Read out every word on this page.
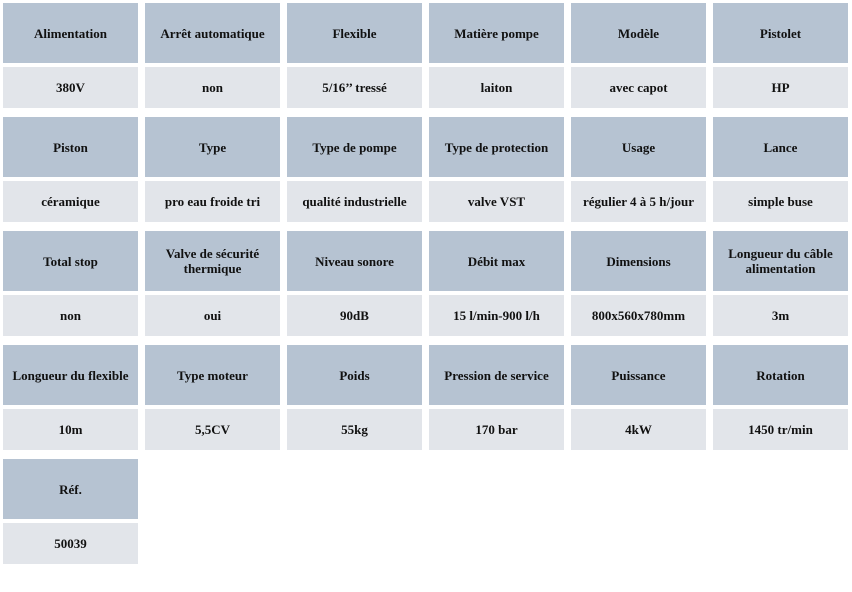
Alimentation
380V
Arrêt automatique
non
Flexible
5/16’’ tressé
Matière pompe
laiton
Modèle
avec capot
Pistolet
HP
Piston
céramique
Type
pro eau froide tri
Type de pompe
qualité industrielle
Type de protection
valve VST
Usage
régulier 4 à 5 h/jour
Lance
simple buse
Total stop
non
Valve de sécurité thermique
oui
Niveau sonore
90dB
Débit max
15 l/min-900 l/h
Dimensions
800x560x780mm
Longueur du câble alimentation
3m
Longueur du flexible
10m
Type moteur
5,5CV
Poids
55kg
Pression de service
170 bar
Puissance
4kW
Rotation
1450 tr/min
Réf.
50039
